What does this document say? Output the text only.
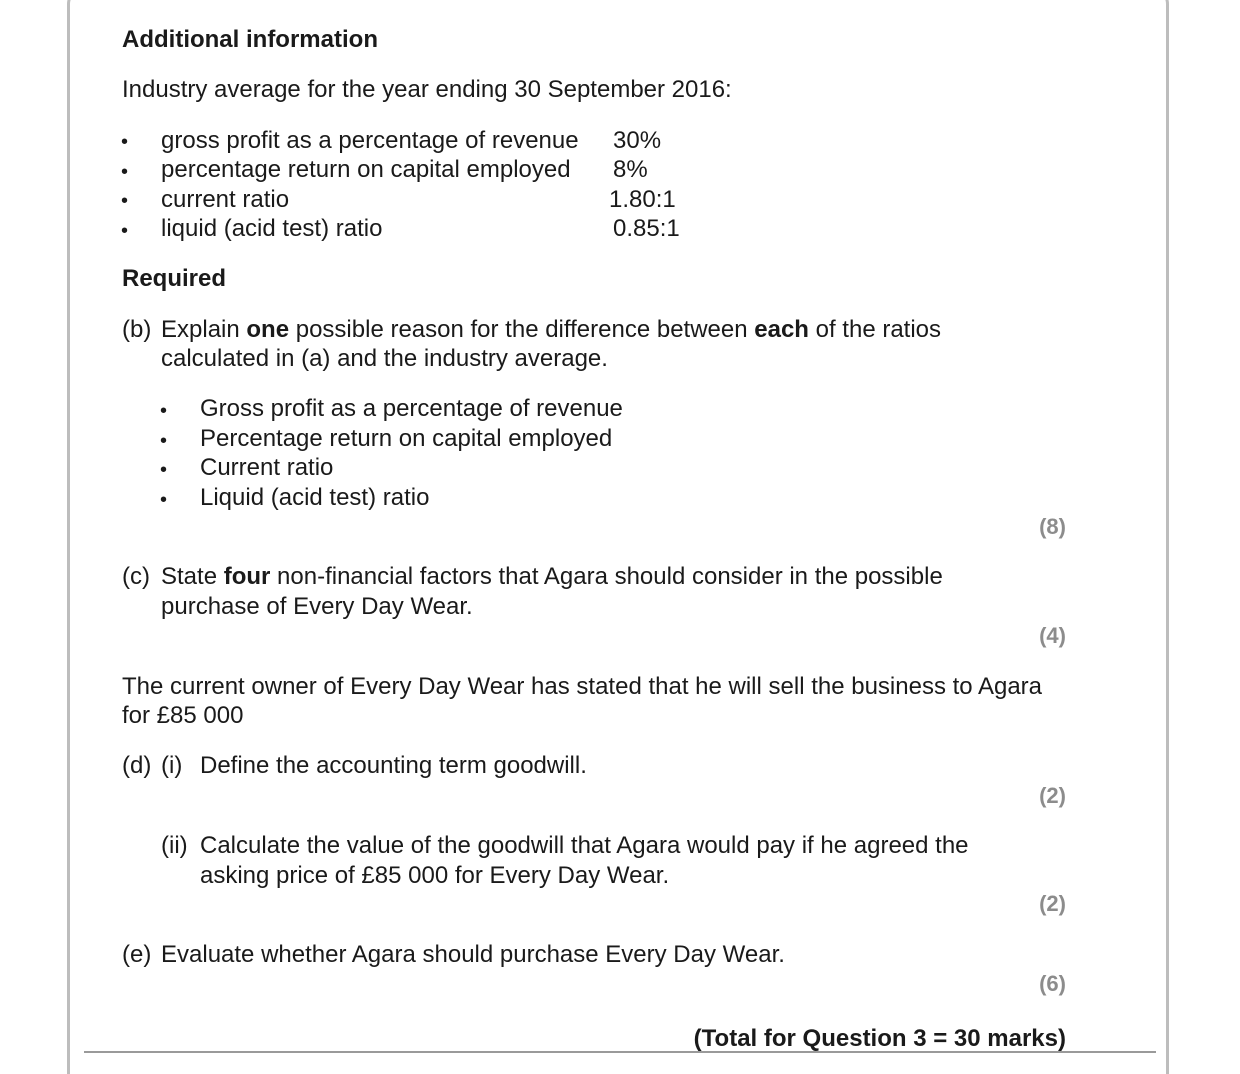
Additional information
Industry average for the year ending 30 September 2016:
• gross profit as a percentage of revenue 30%
• percentage return on capital employed 8%
• current ratio	1.80:1
• liquid (acid test) ratio	0.85:1
Required
(b) Explain one possible reason for the difference between each of the ratios
calculated in (a) and the industry average.
• Gross profit as a percentage of revenue
• Percentage return on capital employed
• Current ratio
• Liquid (acid test) ratio
(8)
(c) State four non-financial factors that Agara should consider in the possible
purchase of Every Day Wear.
(4)
The current owner of Every Day Wear has stated that he will sell the business to Agara
for £85 000
(d) (i) Define the accounting term goodwill.
(2)
(ii) Calculate the value of the goodwill that Agara would pay if he agreed the
asking price of £85 000 for Every Day Wear.
(2)
(e) Evaluate whether Agara should purchase Every Day Wear.
(6)
(Total for Question 3 = 30 marks)
